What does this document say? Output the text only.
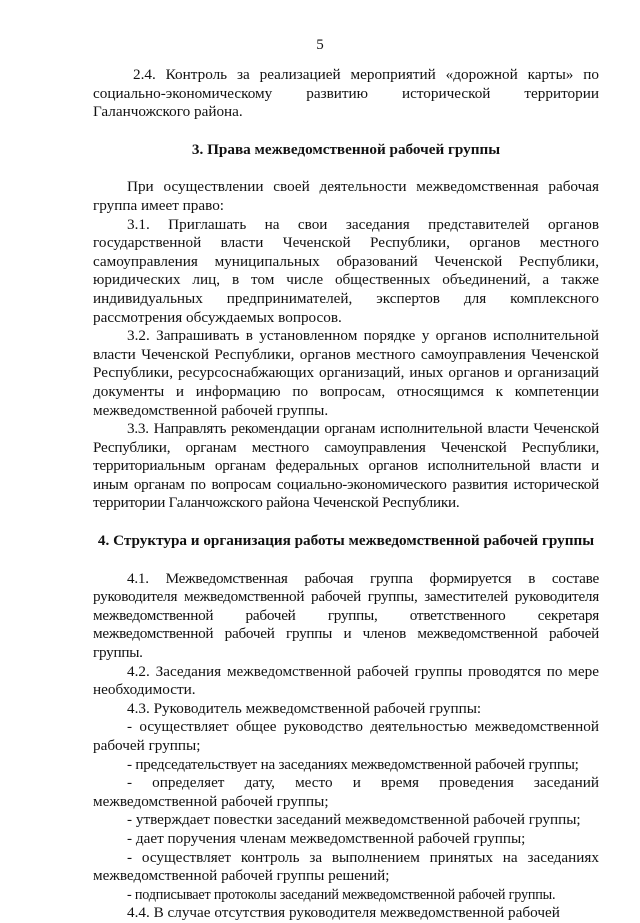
5

2.4. Контроль за реализацией мероприятий «дорожной карты» по социально-экономическому развитию исторической территории Галанчожского района.

3. Права межведомственной рабочей группы

При осуществлении своей деятельности межведомственная рабочая группа имеет право:

3.1. Приглашать на свои заседания представителей органов государственной власти Чеченской Республики, органов местного самоуправления муниципальных образований Чеченской Республики, юридических лиц, в том числе общественных объединений, а также индивидуальных предпринимателей, экспертов для комплексного рассмотрения обсуждаемых вопросов.

3.2. Запрашивать в установленном порядке у органов исполнительной власти Чеченской Республики, органов местного самоуправления Чеченской Республики, ресурсоснабжающих организаций, иных органов и организаций документы и информацию по вопросам, относящимся к компетенции межведомственной рабочей группы.

3.3. Направлять рекомендации органам исполнительной власти Чеченской Республики, органам местного самоуправления Чеченской Республики, территориальным органам федеральных органов исполнительной власти и иным органам по вопросам социально-экономического развития исторической территории Галанчожского района Чеченской Республики.

4. Структура и организация работы межведомственной рабочей группы

4.1. Межведомственная рабочая группа формируется в составе руководителя межведомственной рабочей группы, заместителей руководителя межведомственной рабочей группы, ответственного секретаря межведомственной рабочей группы и членов межведомственной рабочей группы.

4.2. Заседания межведомственной рабочей группы проводятся по мере необходимости.

4.3. Руководитель межведомственной рабочей группы:

- осуществляет общее руководство деятельностью межведомственной рабочей группы;

- председательствует на заседаниях межведомственной рабочей группы;

- определяет дату, место и время проведения заседаний межведомственной рабочей группы;

- утверждает повестки заседаний межведомственной рабочей группы;

- дает поручения членам межведомственной рабочей группы;

- осуществляет контроль за выполнением принятых на заседаниях межведомственной рабочей группы решений;

- подписывает протоколы заседаний межведомственной рабочей группы.

4.4. В случае отсутствия руководителя межведомственной рабочей
